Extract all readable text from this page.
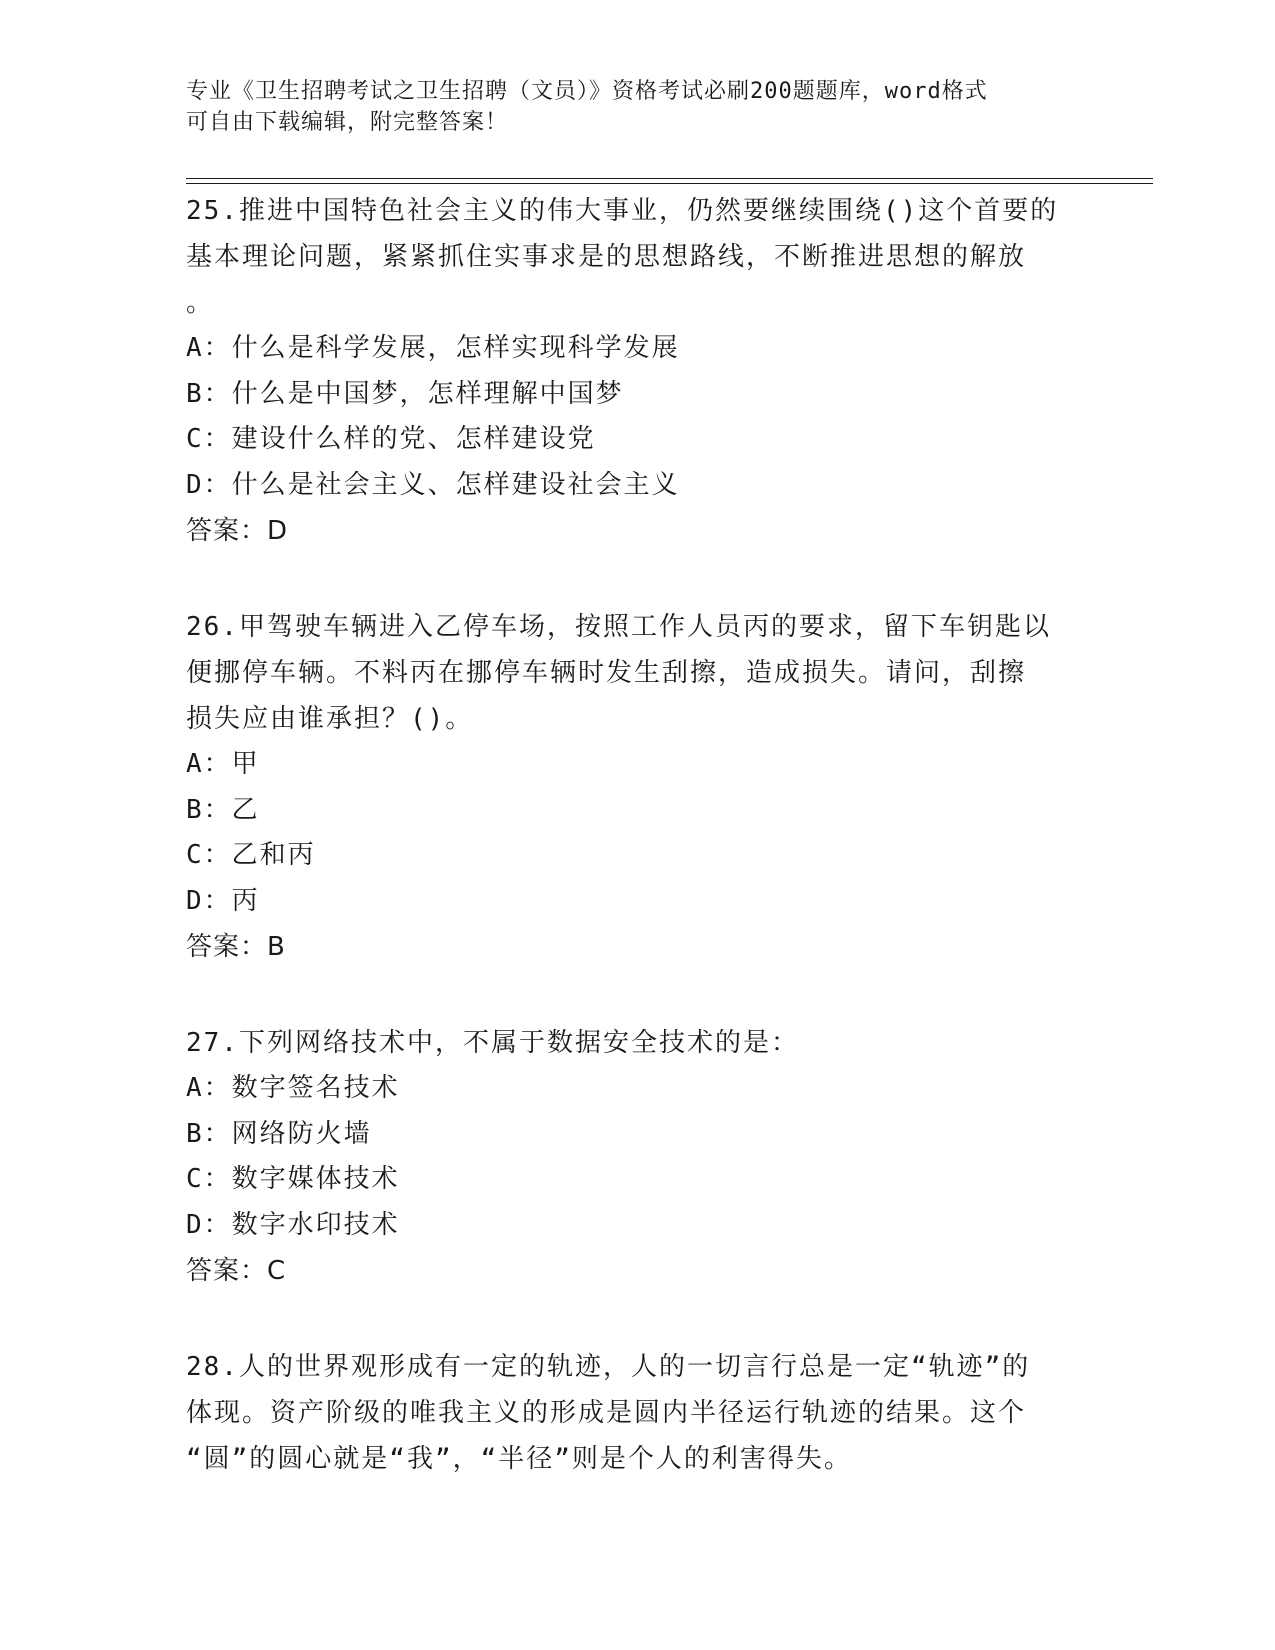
专业《卫生招聘考试之卫生招聘（文员）》资格考试必刷200题题库，word格式
可自由下载编辑，附完整答案！
25.推进中国特色社会主义的伟大事业，仍然要继续围绕()这个首要的
基本理论问题，紧紧抓住实事求是的思想路线，不断推进思想的解放
。
A：什么是科学发展，怎样实现科学发展
B：什么是中国梦，怎样理解中国梦
C：建设什么样的党、怎样建设党
D：什么是社会主义、怎样建设社会主义
答案：D
26.甲驾驶车辆进入乙停车场，按照工作人员丙的要求，留下车钥匙以
便挪停车辆。不料丙在挪停车辆时发生刮擦，造成损失。请问，刮擦
损失应由谁承担？()。
A：甲
B：乙
C：乙和丙
D：丙
答案：B
27.下列网络技术中，不属于数据安全技术的是：
A：数字签名技术
B：网络防火墙
C：数字媒体技术
D：数字水印技术
答案：C
28.人的世界观形成有一定的轨迹，人的一切言行总是一定“轨迹”的
体现。资产阶级的唯我主义的形成是圆内半径运行轨迹的结果。这个
“圆”的圆心就是“我”，“半径”则是个人的利害得失。
